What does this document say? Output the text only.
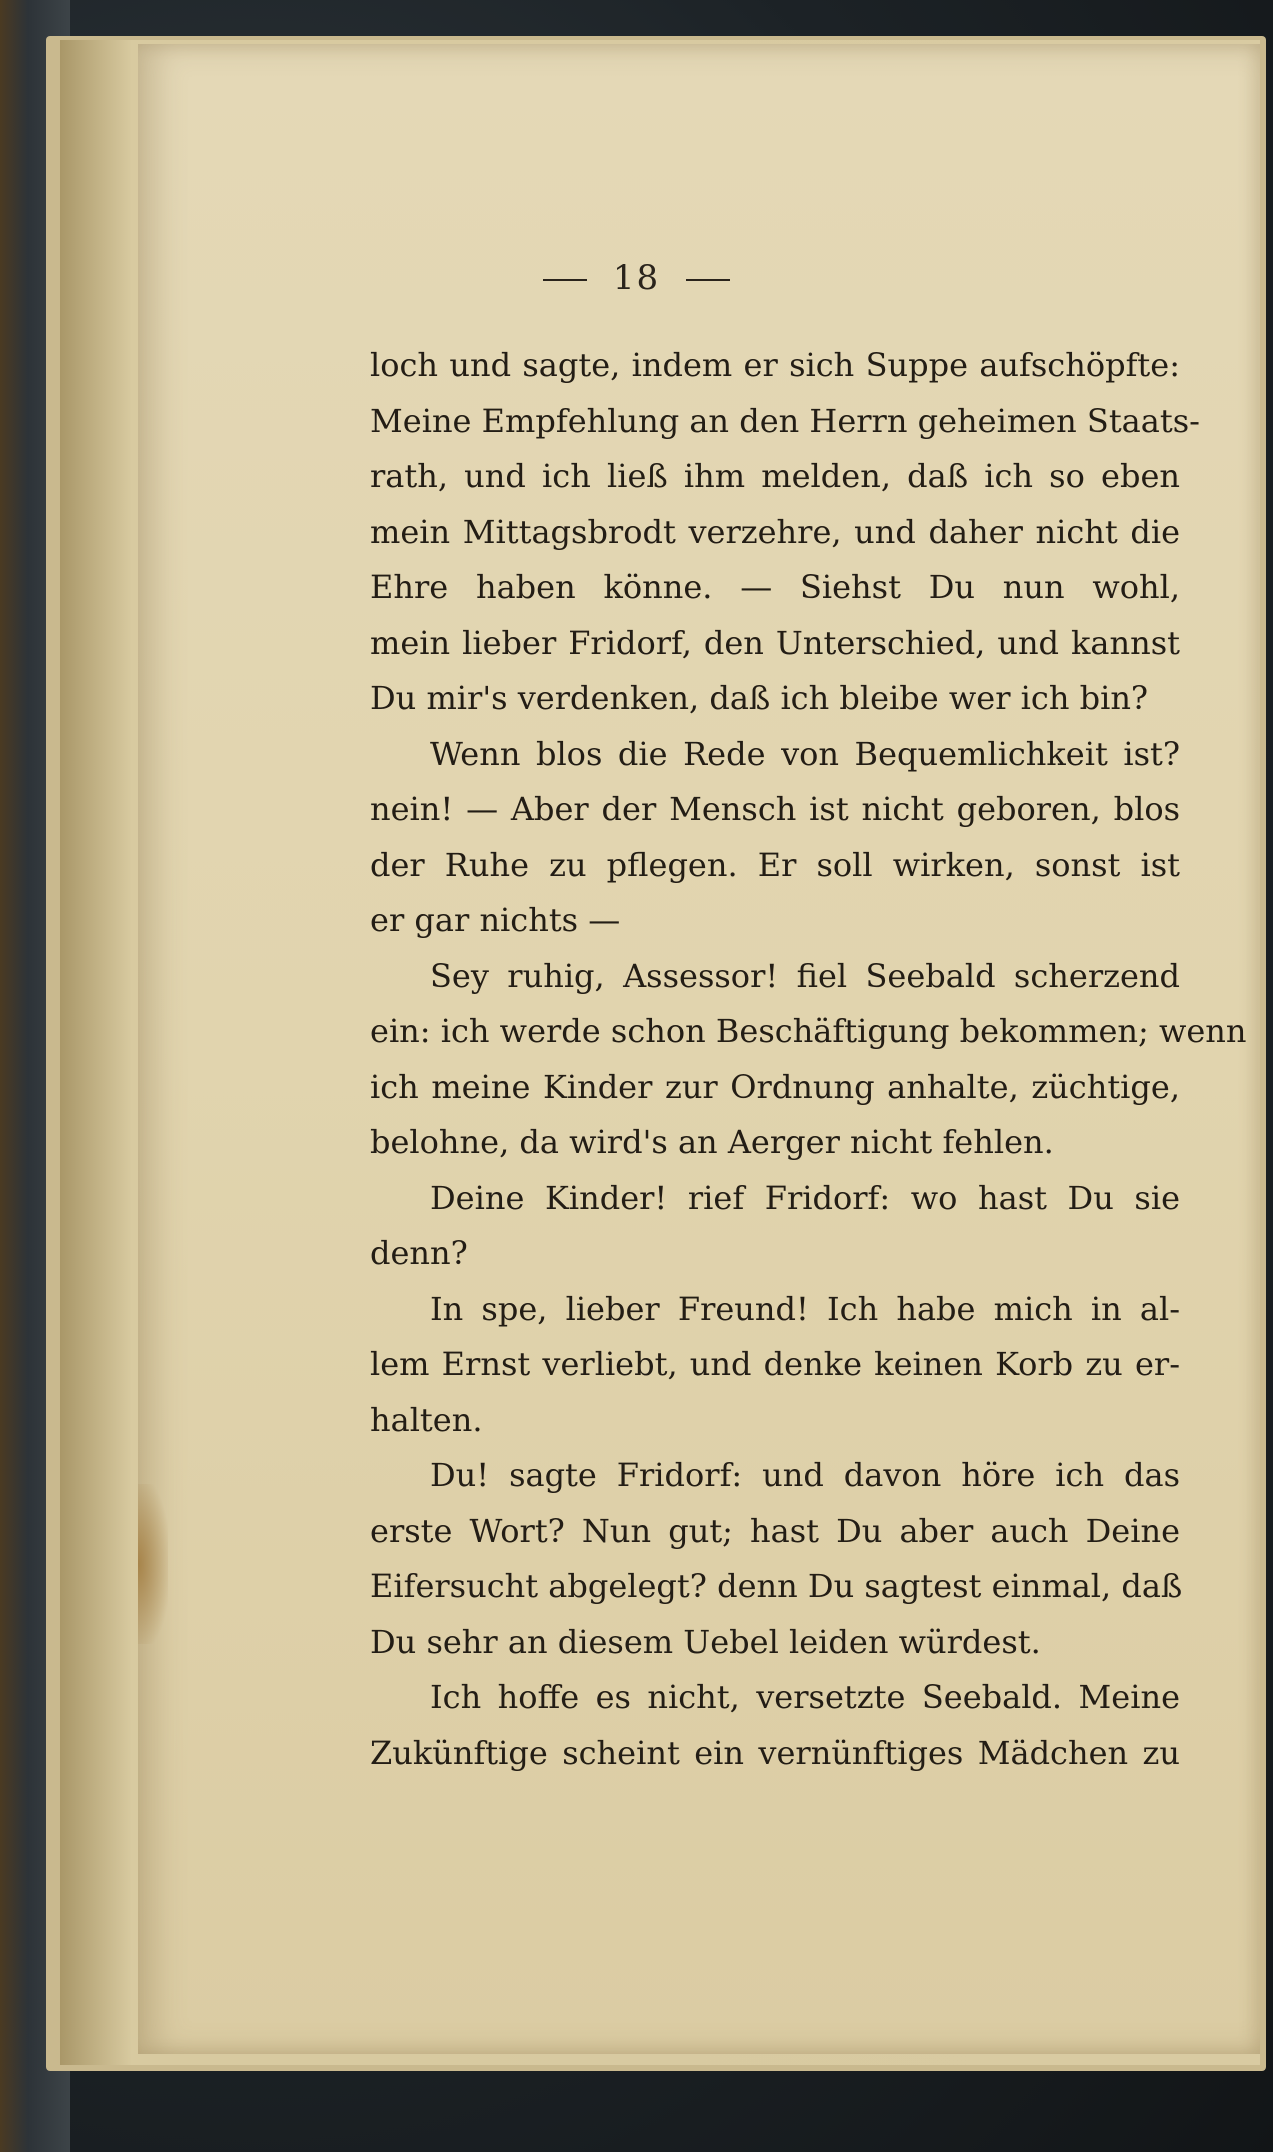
18
loch und sagte, indem er sich Suppe aufschöpfte:
Meine Empfehlung an den Herrn geheimen Staats-
rath, und ich ließ ihm melden, daß ich so eben
mein Mittagsbrodt verzehre, und daher nicht die
Ehre haben könne. — Siehst Du nun wohl,
mein lieber Fridorf, den Unterschied, und kannst
Du mir's verdenken, daß ich bleibe wer ich bin?
Wenn blos die Rede von Bequemlichkeit ist?
nein! — Aber der Mensch ist nicht geboren, blos
der Ruhe zu pflegen. Er soll wirken, sonst ist
er gar nichts —
Sey ruhig, Assessor! fiel Seebald scherzend
ein: ich werde schon Beschäftigung bekommen; wenn
ich meine Kinder zur Ordnung anhalte, züchtige,
belohne, da wird's an Aerger nicht fehlen.
Deine Kinder! rief Fridorf: wo hast Du sie
denn?
In spe, lieber Freund! Ich habe mich in al-
lem Ernst verliebt, und denke keinen Korb zu er-
halten.
Du! sagte Fridorf: und davon höre ich das
erste Wort? Nun gut; hast Du aber auch Deine
Eifersucht abgelegt? denn Du sagtest einmal, daß
Du sehr an diesem Uebel leiden würdest.
Ich hoffe es nicht, versetzte Seebald. Meine
Zukünftige scheint ein vernünftiges Mädchen zu
